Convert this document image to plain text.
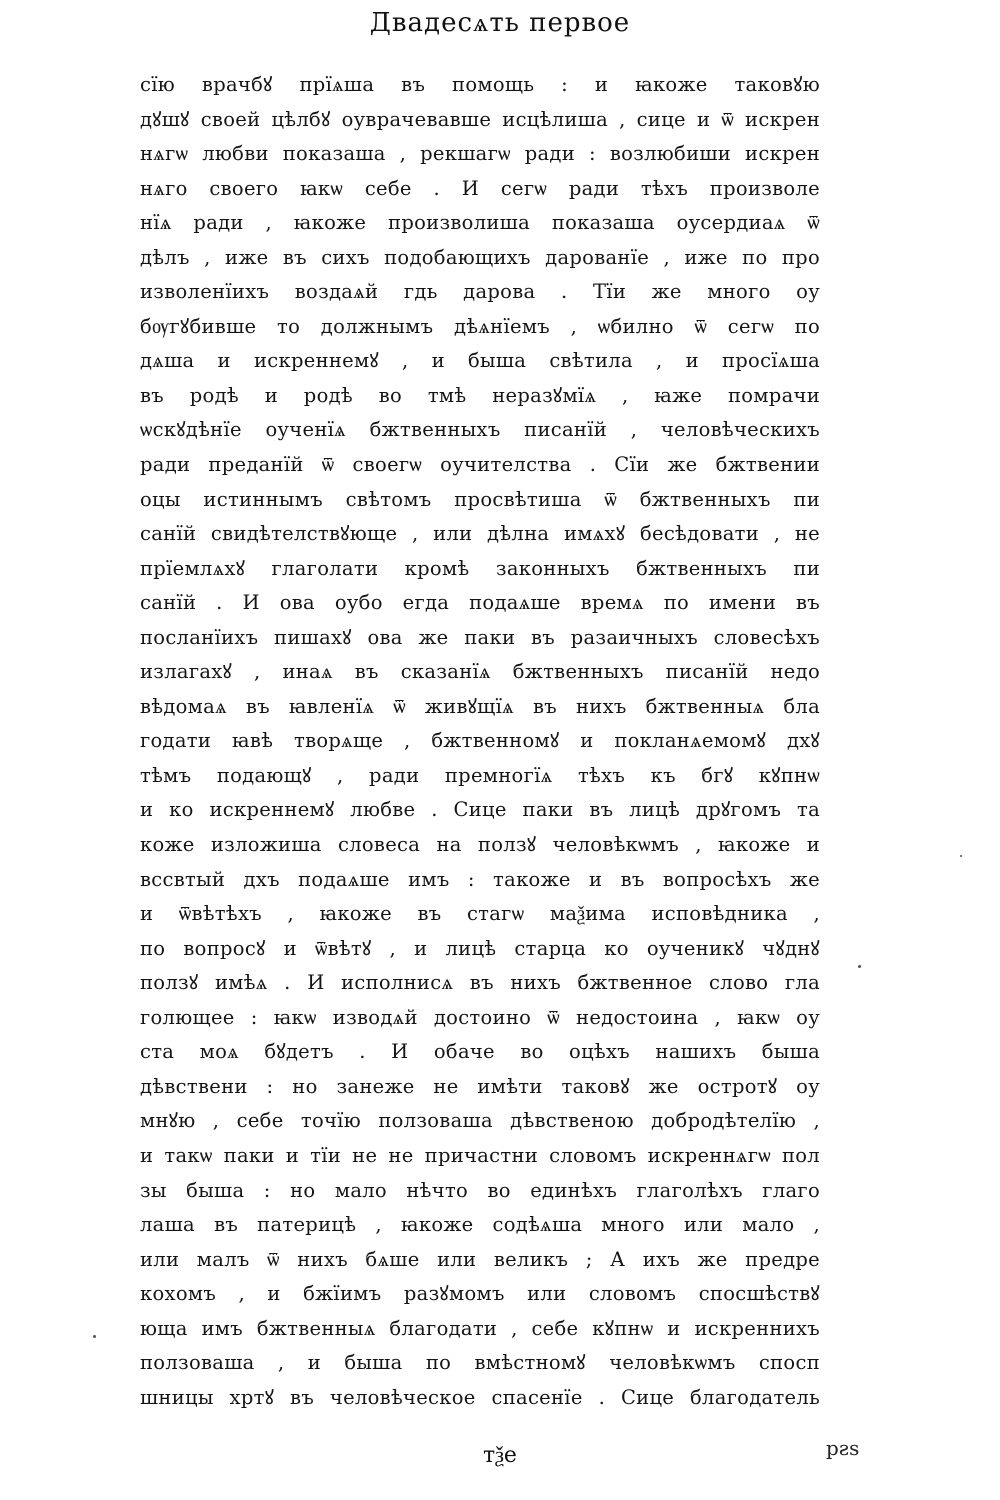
Двадесѧть первое
сїю врачбꙋ прїѧша въ помощь : и ꙗкоже таковꙋю
дꙋшꙋ своей цѣлбꙋ оуврачевавше исцѣлиша , сице и ѿ искрен
нѧгѡ любви показаша , рекшагѡ ради : возлюбиши искрен
нѧго своего ꙗкѡ себе . И сегѡ ради тѣхъ произволе
нїѧ ради , ꙗкоже произволиша показаша оусердиаѧ ѿ
дѣлъ , иже въ сихъ подобающихъ дарованїе , иже по про
изволенїихъ воздаѧй гдь дарова . Тїи же много оу
бѹгꙋбивше то должнымъ дѣѧнїемъ , ѡбилно ѿ сегѡ по
дѧша и искреннемꙋ , и быша свѣтила , и просїѧша
въ родѣ и родѣ во тмѣ неразꙋмїѧ , ꙗже помрачи
ѡскꙋдѣнїе оученїѧ бжтвенныхъ писанїй , человѣческихъ
ради преданїй ѿ своегѡ оучителства . Сїи же бжтвении
оцы истиннымъ свѣтомъ просвѣтиша ѿ бжтвенныхъ пи
санїй свидѣтелствꙋюще , или дѣлна имѧхꙋ бесѣдовати , не
прїемлѧхꙋ глаголати кромѣ законныхъ бжтвенныхъ пи
санїй . И ова оубо егда подаѧше времѧ по имени въ
посланїихъ пишахꙋ ова же паки въ разаичныхъ словесѣхъ
излагахꙋ , инаѧ въ сказанїѧ бжтвенныхъ писанїй недо
вѣдомаѧ въ ꙗвленїѧ ѿ живꙋщїѧ въ нихъ бжтвенныѧ бла
годати ꙗвѣ творѧще , бжтвенномꙋ и покланѧемомꙋ дхꙋ
тѣмъ подающꙋ , ради премногїѧ тѣхъ къ бгꙋ кꙋпнѡ
и ко искреннемꙋ любве . Сице паки въ лицѣ дрꙋгомъ та
коже изложиша словеса на ползꙋ человѣкѡмъ , ꙗкоже и
вссвтый дхъ подаѧше имъ : такоже и въ вопросѣхъ же
и ѿвѣтѣхъ , ꙗкоже въ стагѡ маѯима исповѣдника ,
по вопросꙋ и ѿвѣтꙋ , и лицѣ старца ко оученикꙋ чꙋднꙋ
ползꙋ имѣѧ . И исполнисѧ въ нихъ бжтвенное слово гла
голющее : ꙗкѡ изводѧй достоино ѿ недостоина , ꙗкѡ оу
ста моѧ бꙋдетъ . И обаче во оцѣхъ нашихъ быша
дѣвствени : но занеже не имѣти таковꙋ же остротꙋ оу
мнꙋю , себе точїю ползоваша дѣвственою добродѣтелїю ,
и такѡ паки и тїи не не причастни словомъ искреннѧгѡ пол
зы быша : но мало нѣчто во единѣхъ глаголѣхъ глаго
лаша въ патерицѣ , ꙗкоже содѣѧша много или мало ,
или малъ ѿ нихъ бѧше или великъ ; А ихъ же предре
кохомъ , и бжїимъ разꙋмомъ или словомъ спосшѣствꙋ
юща имъ бжтвенныѧ благодати , себе кꙋпнѡ и искреннихъ
ползоваша , и быша по вмѣстномꙋ человѣкѡмъ спосп
шницы хртꙋ въ человѣческое спасенїе . Сице благодатель
тѯе	рꙅѕ
